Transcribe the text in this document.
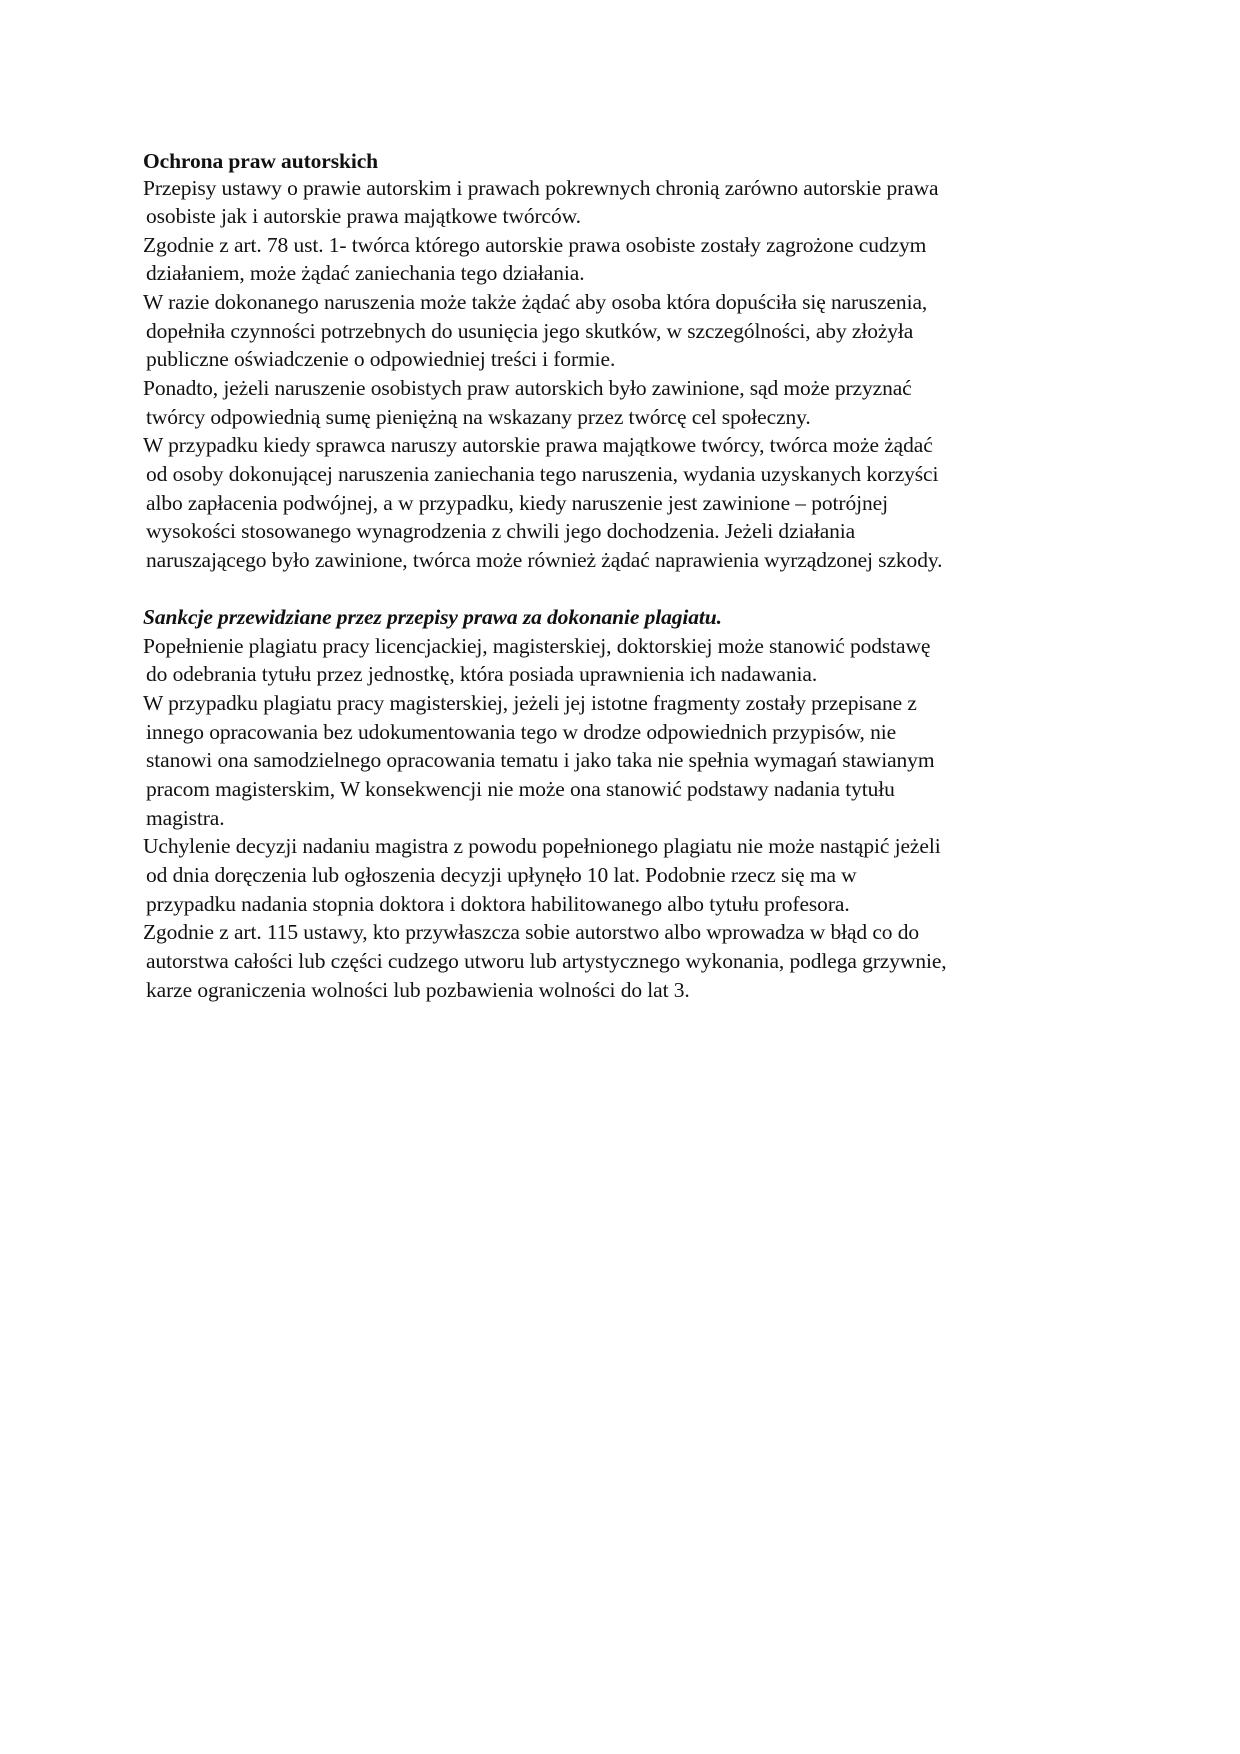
Ochrona praw autorskich
Przepisy ustawy o prawie autorskim i prawach pokrewnych chronią zarówno autorskie prawa
osobiste jak i autorskie prawa majątkowe twórców.
Zgodnie z art. 78 ust. 1- twórca którego autorskie prawa osobiste zostały zagrożone cudzym
działaniem, może żądać zaniechania tego działania.
W razie dokonanego naruszenia może także żądać aby osoba która dopuściła się naruszenia,
dopełniła czynności potrzebnych do usunięcia jego skutków, w szczególności, aby złożyła
publiczne oświadczenie o odpowiedniej treści i formie.
Ponadto, jeżeli naruszenie osobistych praw autorskich było zawinione, sąd może przyznać
twórcy odpowiednią sumę pieniężną na wskazany przez twórcę cel społeczny.
W przypadku kiedy sprawca naruszy autorskie prawa majątkowe twórcy, twórca może żądać
od osoby dokonującej naruszenia zaniechania tego naruszenia, wydania uzyskanych korzyści
albo zapłacenia podwójnej, a w przypadku, kiedy naruszenie jest zawinione – potrójnej
wysokości stosowanego wynagrodzenia z chwili jego dochodzenia. Jeżeli działania
naruszającego było zawinione, twórca może również żądać naprawienia wyrządzonej szkody.
Sankcje przewidziane przez przepisy prawa za dokonanie plagiatu.
Popełnienie plagiatu pracy licencjackiej, magisterskiej, doktorskiej może stanowić podstawę
do odebrania tytułu przez jednostkę, która posiada uprawnienia ich nadawania.
W przypadku plagiatu pracy magisterskiej, jeżeli jej istotne fragmenty zostały przepisane z
innego opracowania bez udokumentowania tego w drodze odpowiednich przypisów, nie
stanowi ona samodzielnego opracowania tematu i jako taka nie spełnia wymagań stawianym
pracom magisterskim, W konsekwencji nie może ona stanowić podstawy nadania tytułu
magistra.
Uchylenie decyzji nadaniu magistra z powodu popełnionego plagiatu nie może nastąpić jeżeli
od dnia doręczenia lub ogłoszenia decyzji upłynęło 10 lat. Podobnie rzecz się ma w
przypadku nadania stopnia doktora i doktora habilitowanego albo tytułu profesora.
Zgodnie z art. 115 ustawy, kto przywłaszcza sobie autorstwo albo wprowadza w błąd co do
autorstwa całości lub części cudzego utworu lub artystycznego wykonania, podlega grzywnie,
karze ograniczenia wolności lub pozbawienia wolności do lat 3.
